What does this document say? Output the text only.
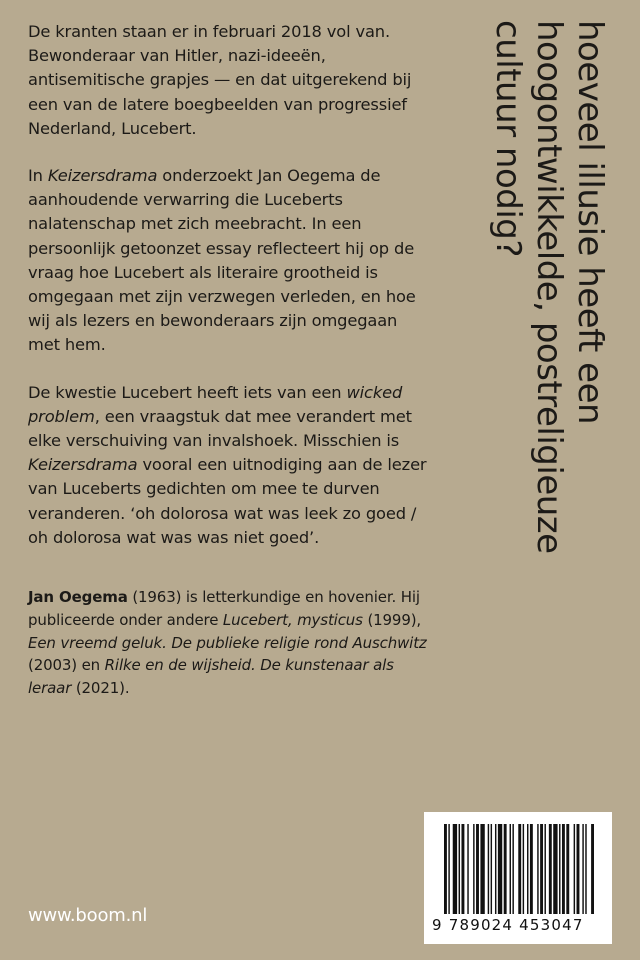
De kranten staan er in februari 2018 vol van. Bewonderaar van Hitler, nazi-ideeën, antisemitische grapjes — en dat uitgerekend bij een van de latere boegbeelden van progressief Nederland, Lucebert.

In Keizersdrama onderzoekt Jan Oegema de aanhoudende verwarring die Luceberts nalatenschap met zich meebracht. In een persoonlijk getoonzet essay reflecteert hij op de vraag hoe Lucebert als literaire grootheid is omgegaan met zijn verzwegen verleden, en hoe wij als lezers en bewonderaars zijn omgegaan met hem.

De kwestie Lucebert heeft iets van een wicked problem, een vraagstuk dat mee verandert met elke verschuiving van invalshoek. Misschien is Keizersdrama vooral een uitnodiging aan de lezer van Luceberts gedichten om mee te durven veranderen. ‘oh dolorosa wat was leek zo goed / oh dolorosa wat was was niet goed’.

Jan Oegema (1963) is letterkundige en hovenier. Hij publiceerde onder andere Lucebert, mysticus (1999), Een vreemd geluk. De publieke religie rond Auschwitz (2003) en Rilke en de wijsheid. De kunstenaar als leraar (2021).

hoeveel illusie heeft een
hoogontwikkelde, postreligieuze
cultuur nodig?
9 789024 453047
www.boom.nl
